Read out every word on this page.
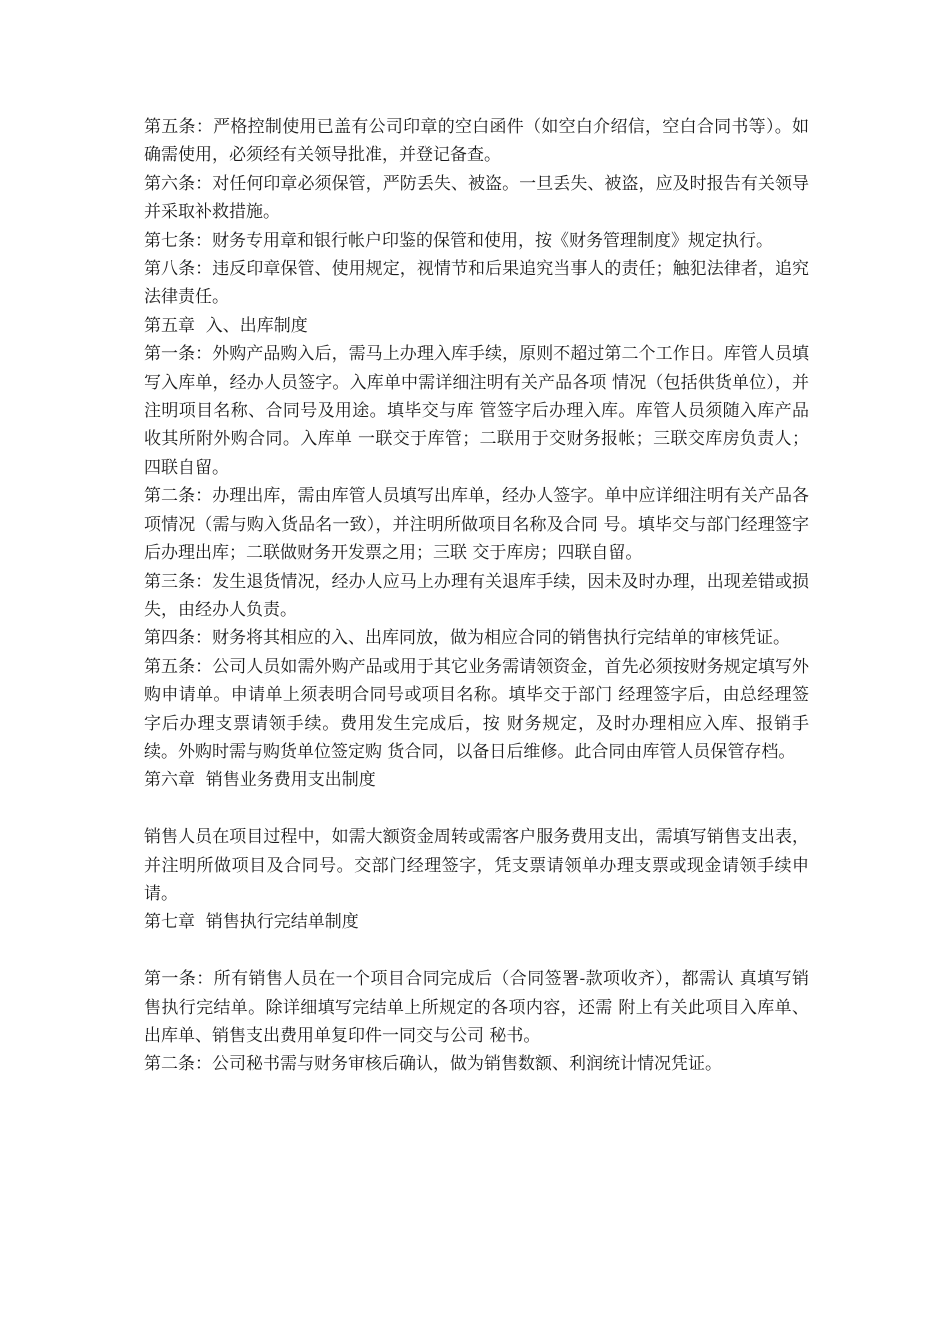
第五条：严格控制使用已盖有公司印章的空白函件（如空白介绍信，空白合同书等）。如确需使用，必须经有关领导批准，并登记备查。
第六条：对任何印章必须保管，严防丢失、被盗。一旦丢失、被盗，应及时报告有关领导并采取补救措施。
第七条：财务专用章和银行帐户印鉴的保管和使用，按《财务管理制度》规定执行。
第八条：违反印章保管、使用规定，视情节和后果追究当事人的责任；触犯法律者，追究法律责任。
第五章  入、出库制度
第一条：外购产品购入后，需马上办理入库手续，原则不超过第二个工作日。库管人员填写入库单，经办人员签字。入库单中需详细注明有关产品各项 情况（包括供货单位），并注明项目名称、合同号及用途。填毕交与库 管签字后办理入库。库管人员须随入库产品收其所附外购合同。入库单 一联交于库管；二联用于交财务报帐；三联交库房负责人；四联自留。
第二条：办理出库，需由库管人员填写出库单，经办人签字。单中应详细注明有关产品各项情况（需与购入货品名一致），并注明所做项目名称及合同 号。填毕交与部门经理签字后办理出库；二联做财务开发票之用；三联 交于库房；四联自留。
第三条：发生退货情况，经办人应马上办理有关退库手续，因未及时办理，出现差错或损失，由经办人负责。
第四条：财务将其相应的入、出库同放，做为相应合同的销售执行完结单的审核凭证。
第五条：公司人员如需外购产品或用于其它业务需请领资金，首先必须按财务规定填写外购申请单。申请单上须表明合同号或项目名称。填毕交于部门 经理签字后，由总经理签字后办理支票请领手续。费用发生完成后，按 财务规定，及时办理相应入库、报销手续。外购时需与购货单位签定购 货合同，以备日后维修。此合同由库管人员保管存档。
第六章  销售业务费用支出制度
销售人员在项目过程中，如需大额资金周转或需客户服务费用支出，需填写销售支出表，并注明所做项目及合同号。交部门经理签字，凭支票请领单办理支票或现金请领手续申请。
第七章  销售执行完结单制度
第一条：所有销售人员在一个项目合同完成后（合同签署-款项收齐），都需认 真填写销售执行完结单。除详细填写完结单上所规定的各项内容，还需 附上有关此项目入库单、出库单、销售支出费用单复印件一同交与公司 秘书。
第二条：公司秘书需与财务审核后确认，做为销售数额、利润统计情况凭证。
